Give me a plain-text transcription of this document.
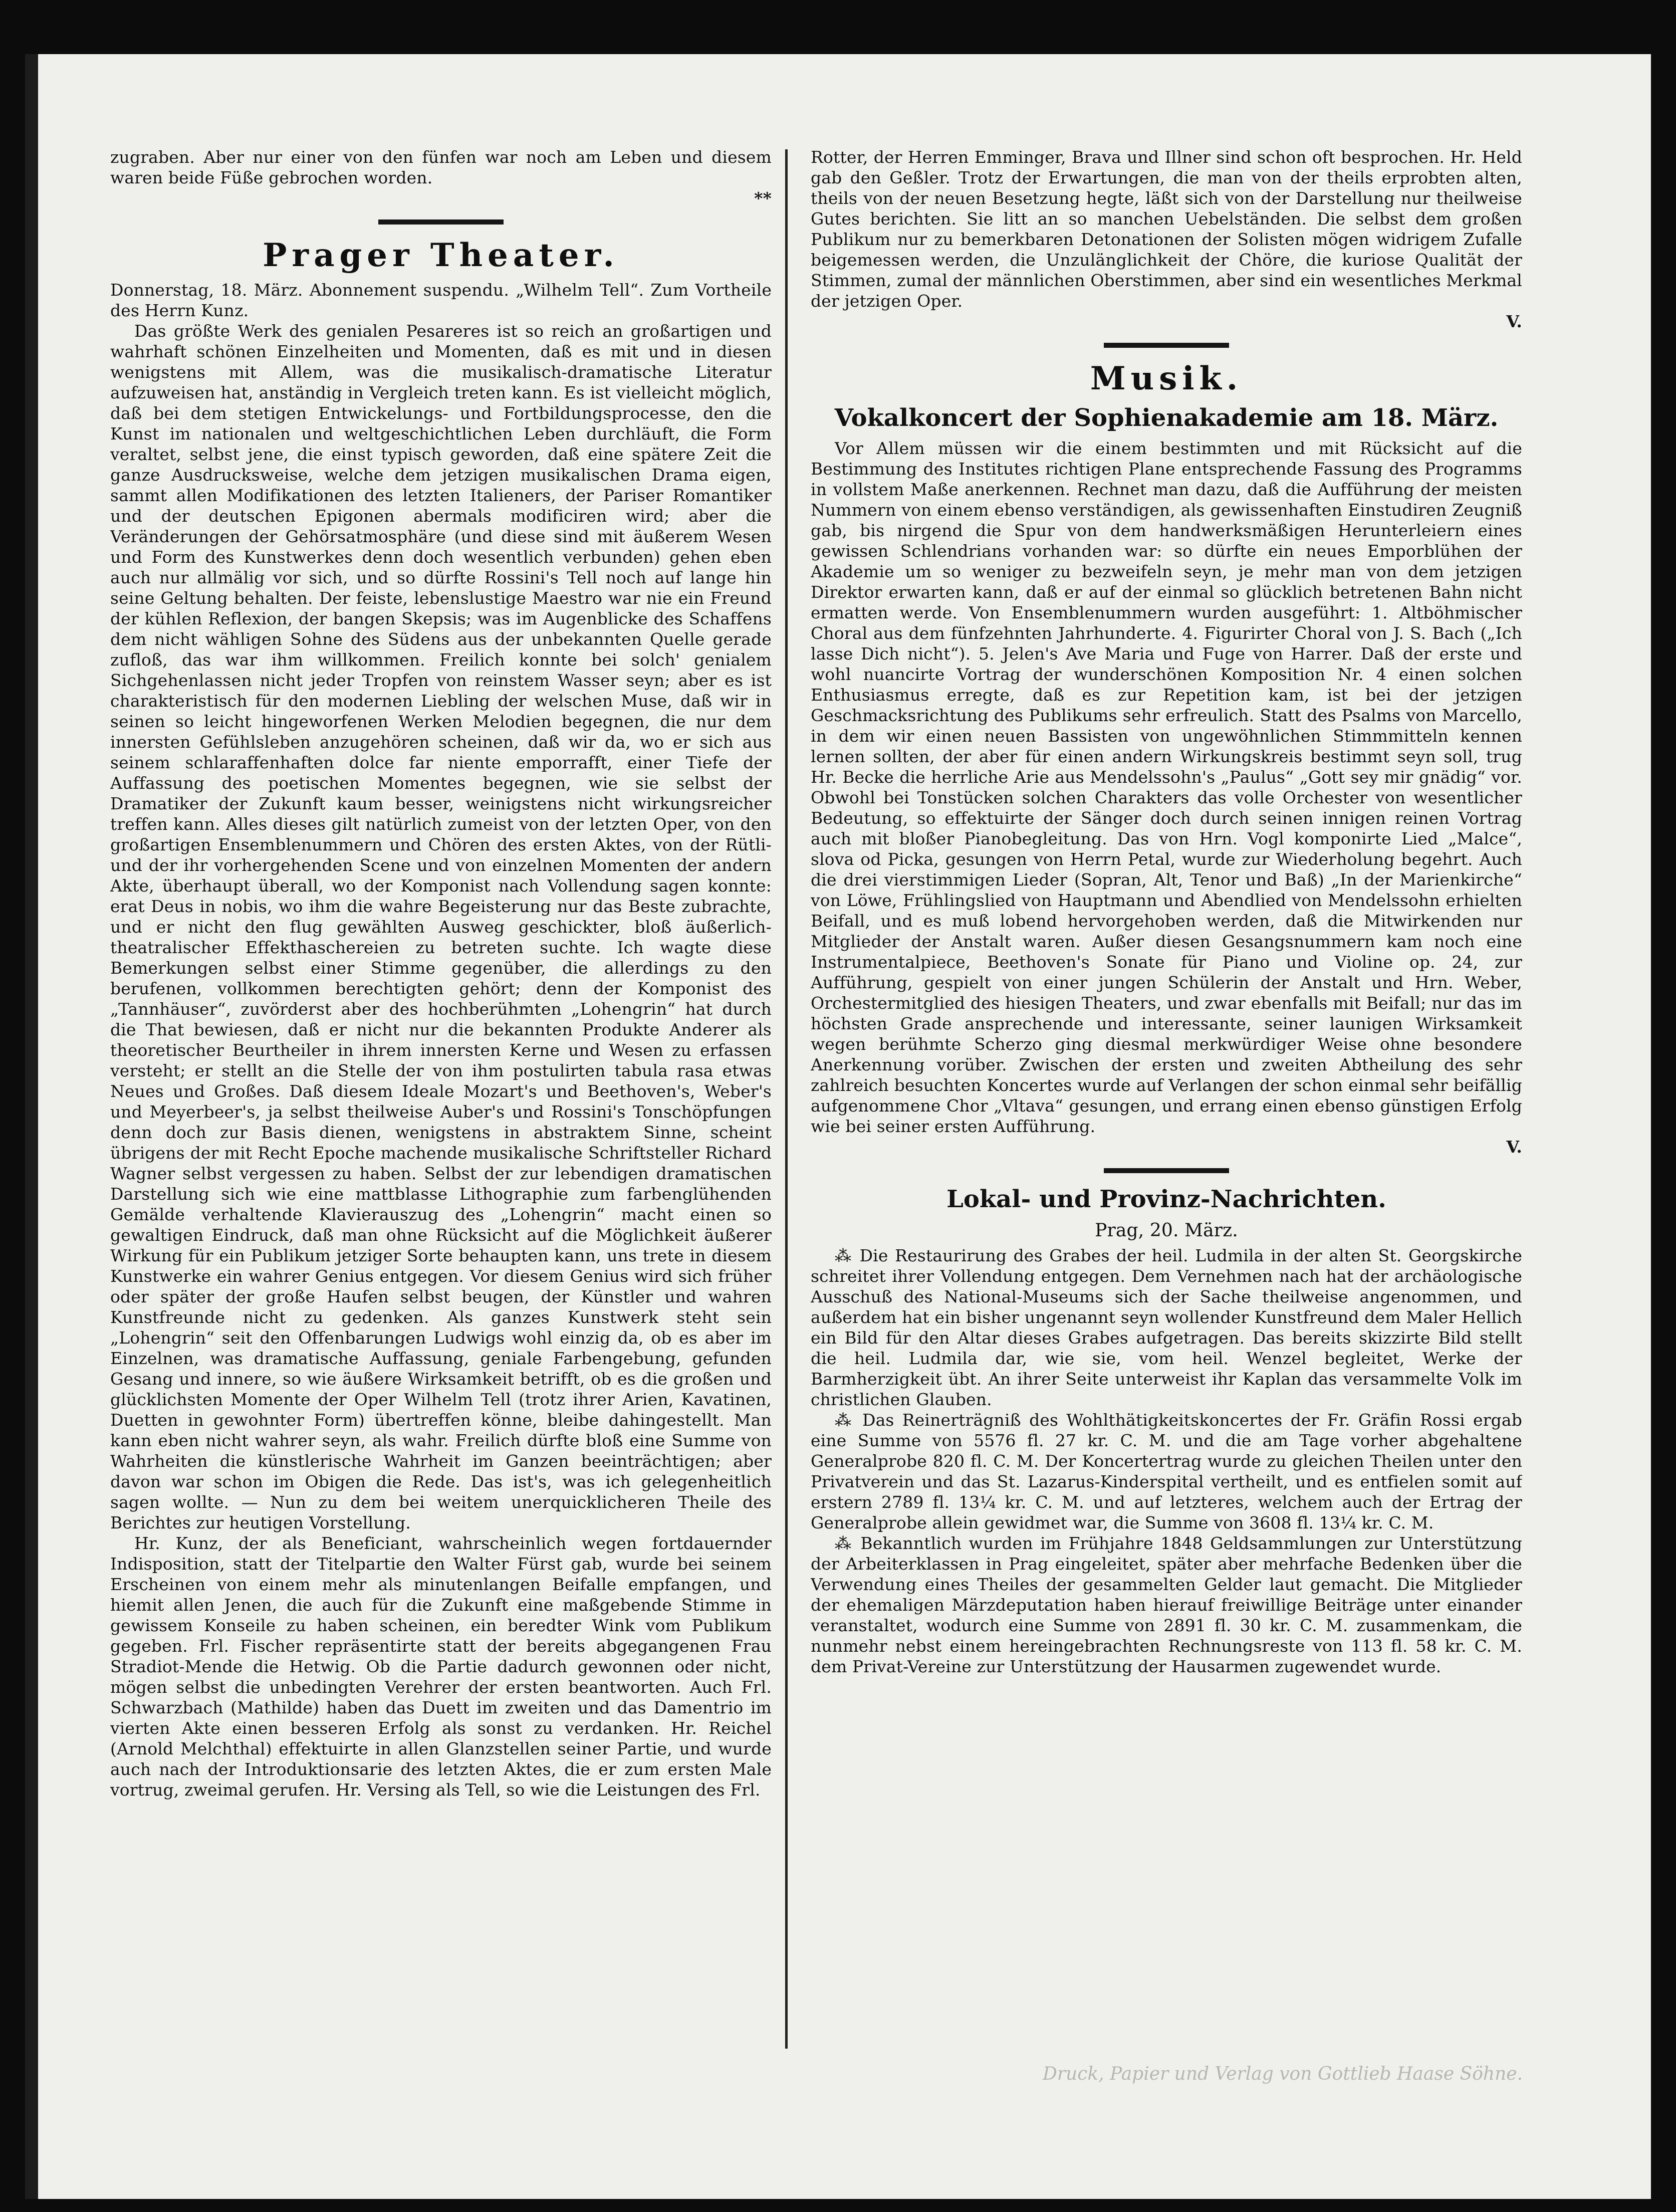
zugraben. Aber nur einer von den fünfen war noch am Leben und diesem waren beide Füße gebrochen worden.

**

Prager Theater.

Donnerstag, 18. März. Abonnement suspendu. „Wilhelm Tell“. Zum Vortheile des Herrn Kunz.

Das größte Werk des genialen Pesareres ist so reich an großartigen und wahrhaft schönen Einzelheiten und Momenten, daß es mit und in diesen wenigstens mit Allem, was die musikalisch-dramatische Literatur aufzuweisen hat, anständig in Vergleich treten kann. Es ist vielleicht möglich, daß bei dem stetigen Entwickelungs- und Fortbildungsprocesse, den die Kunst im nationalen und weltgeschichtlichen Leben durchläuft, die Form veraltet, selbst jene, die einst typisch geworden, daß eine spätere Zeit die ganze Ausdrucksweise, welche dem jetzigen musikalischen Drama eigen, sammt allen Modifikationen des letzten Italieners, der Pariser Romantiker und der deutschen Epigonen abermals modificiren wird; aber die Veränderungen der Gehörsatmosphäre (und diese sind mit äußerem Wesen und Form des Kunstwerkes denn doch wesentlich verbunden) gehen eben auch nur allmälig vor sich, und so dürfte Rossini's Tell noch auf lange hin seine Geltung behalten. Der feiste, lebenslustige Maestro war nie ein Freund der kühlen Reflexion, der bangen Skepsis; was im Augenblicke des Schaffens dem nicht wähligen Sohne des Südens aus der unbekannten Quelle gerade zufloß, das war ihm willkommen. Freilich konnte bei solch' genialem Sichgehenlassen nicht jeder Tropfen von reinstem Wasser seyn; aber es ist charakteristisch für den modernen Liebling der welschen Muse, daß wir in seinen so leicht hingeworfenen Werken Melodien begegnen, die nur dem innersten Gefühlsleben anzugehören scheinen, daß wir da, wo er sich aus seinem schlaraffenhaften dolce far niente emporrafft, einer Tiefe der Auffassung des poetischen Momentes begegnen, wie sie selbst der Dramatiker der Zukunft kaum besser, weinigstens nicht wirkungsreicher treffen kann. Alles dieses gilt natürlich zumeist von der letzten Oper, von den großartigen Ensemblenummern und Chören des ersten Aktes, von der Rütli- und der ihr vorhergehenden Scene und von einzelnen Momenten der andern Akte, überhaupt überall, wo der Komponist nach Vollendung sagen konnte: erat Deus in nobis, wo ihm die wahre Begeisterung nur das Beste zubrachte, und er nicht den flug gewählten Ausweg geschickter, bloß äußerlich-theatralischer Effekthaschereien zu betreten suchte. Ich wagte diese Bemerkungen selbst einer Stimme gegenüber, die allerdings zu den berufenen, vollkommen berechtigten gehört; denn der Komponist des „Tannhäuser“, zuvörderst aber des hochberühmten „Lohengrin“ hat durch die That bewiesen, daß er nicht nur die bekannten Produkte Anderer als theoretischer Beurtheiler in ihrem innersten Kerne und Wesen zu erfassen versteht; er stellt an die Stelle der von ihm postulirten tabula rasa etwas Neues und Großes. Daß diesem Ideale Mozart's und Beethoven's, Weber's und Meyerbeer's, ja selbst theilweise Auber's und Rossini's Tonschöpfungen denn doch zur Basis dienen, wenigstens in abstraktem Sinne, scheint übrigens der mit Recht Epoche machende musikalische Schriftsteller Richard Wagner selbst vergessen zu haben. Selbst der zur lebendigen dramatischen Darstellung sich wie eine mattblasse Lithographie zum farbenglühenden Gemälde verhaltende Klavierauszug des „Lohengrin“ macht einen so gewaltigen Eindruck, daß man ohne Rücksicht auf die Möglichkeit äußerer Wirkung für ein Publikum jetziger Sorte behaupten kann, uns trete in diesem Kunstwerke ein wahrer Genius entgegen. Vor diesem Genius wird sich früher oder später der große Haufen selbst beugen, der Künstler und wahren Kunstfreunde nicht zu gedenken. Als ganzes Kunstwerk steht sein „Lohengrin“ seit den Offenbarungen Ludwigs wohl einzig da, ob es aber im Einzelnen, was dramatische Auffassung, geniale Farbengebung, gefunden Gesang und innere, so wie äußere Wirksamkeit betrifft, ob es die großen und glücklichsten Momente der Oper Wilhelm Tell (trotz ihrer Arien, Kavatinen, Duetten in gewohnter Form) übertreffen könne, bleibe dahingestellt. Man kann eben nicht wahrer seyn, als wahr. Freilich dürfte bloß eine Summe von Wahrheiten die künstlerische Wahrheit im Ganzen beeinträchtigen; aber davon war schon im Obigen die Rede. Das ist's, was ich gelegenheitlich sagen wollte. — Nun zu dem bei weitem unerquicklicheren Theile des Berichtes zur heutigen Vorstellung.

Hr. Kunz, der als Beneficiant, wahrscheinlich wegen fortdauernder Indisposition, statt der Titelpartie den Walter Fürst gab, wurde bei seinem Erscheinen von einem mehr als minutenlangen Beifalle empfangen, und hiemit allen Jenen, die auch für die Zukunft eine maßgebende Stimme in gewissem Konseile zu haben scheinen, ein beredter Wink vom Publikum gegeben. Frl. Fischer repräsentirte statt der bereits abgegangenen Frau Stradiot-Mende die Hetwig. Ob die Partie dadurch gewonnen oder nicht, mögen selbst die unbedingten Verehrer der ersten beantworten. Auch Frl. Schwarzbach (Mathilde) haben das Duett im zweiten und das Damentrio im vierten Akte einen besseren Erfolg als sonst zu verdanken. Hr. Reichel (Arnold Melchthal) effektuirte in allen Glanzstellen seiner Partie, und wurde auch nach der Introduktionsarie des letzten Aktes, die er zum ersten Male vortrug, zweimal gerufen. Hr. Versing als Tell, so wie die Leistungen des Frl.

Rotter, der Herren Emminger, Brava und Illner sind schon oft besprochen. Hr. Held gab den Geßler. Trotz der Erwartungen, die man von der theils erprobten alten, theils von der neuen Besetzung hegte, läßt sich von der Darstellung nur theilweise Gutes berichten. Sie litt an so manchen Uebelständen. Die selbst dem großen Publikum nur zu bemerkbaren Detonationen der Solisten mögen widrigem Zufalle beigemessen werden, die Unzulänglichkeit der Chöre, die kuriose Qualität der Stimmen, zumal der männlichen Oberstimmen, aber sind ein wesentliches Merkmal der jetzigen Oper.

V.

Musik.
Vokalkoncert der Sophienakademie am 18. März.

Vor Allem müssen wir die einem bestimmten und mit Rücksicht auf die Bestimmung des Institutes richtigen Plane entsprechende Fassung des Programms in vollstem Maße anerkennen. Rechnet man dazu, daß die Aufführung der meisten Nummern von einem ebenso verständigen, als gewissenhaften Einstudiren Zeugniß gab, bis nirgend die Spur von dem handwerksmäßigen Herunterleiern eines gewissen Schlendrians vorhanden war: so dürfte ein neues Emporblühen der Akademie um so weniger zu bezweifeln seyn, je mehr man von dem jetzigen Direktor erwarten kann, daß er auf der einmal so glücklich betretenen Bahn nicht ermatten werde. Von Ensemblenummern wurden ausgeführt: 1. Altböhmischer Choral aus dem fünfzehnten Jahrhunderte. 4. Figurirter Choral von J. S. Bach („Ich lasse Dich nicht“). 5. Jelen's Ave Maria und Fuge von Harrer. Daß der erste und wohl nuancirte Vortrag der wunderschönen Komposition Nr. 4 einen solchen Enthusiasmus erregte, daß es zur Repetition kam, ist bei der jetzigen Geschmacksrichtung des Publikums sehr erfreulich. Statt des Psalms von Marcello, in dem wir einen neuen Bassisten von ungewöhnlichen Stimmmitteln kennen lernen sollten, der aber für einen andern Wirkungskreis bestimmt seyn soll, trug Hr. Becke die herrliche Arie aus Mendelssohn's „Paulus“ „Gott sey mir gnädig“ vor. Obwohl bei Tonstücken solchen Charakters das volle Orchester von wesentlicher Bedeutung, so effektuirte der Sänger doch durch seinen innigen reinen Vortrag auch mit bloßer Pianobegleitung. Das von Hrn. Vogl komponirte Lied „Malce“, slova od Picka, gesungen von Herrn Petal, wurde zur Wiederholung begehrt. Auch die drei vierstimmigen Lieder (Sopran, Alt, Tenor und Baß) „In der Marienkirche“ von Löwe, Frühlingslied von Hauptmann und Abendlied von Mendelssohn erhielten Beifall, und es muß lobend hervorgehoben werden, daß die Mitwirkenden nur Mitglieder der Anstalt waren. Außer diesen Gesangsnummern kam noch eine Instrumentalpiece, Beethoven's Sonate für Piano und Violine op. 24, zur Aufführung, gespielt von einer jungen Schülerin der Anstalt und Hrn. Weber, Orchestermitglied des hiesigen Theaters, und zwar ebenfalls mit Beifall; nur das im höchsten Grade ansprechende und interessante, seiner launigen Wirksamkeit wegen berühmte Scherzo ging diesmal merkwürdiger Weise ohne besondere Anerkennung vorüber. Zwischen der ersten und zweiten Abtheilung des sehr zahlreich besuchten Koncertes wurde auf Verlangen der schon einmal sehr beifällig aufgenommene Chor „Vltava“ gesungen, und errang einen ebenso günstigen Erfolg wie bei seiner ersten Aufführung.

V.

Lokal- und Provinz-Nachrichten.

Prag, 20. März.

⁂ Die Restaurirung des Grabes der heil. Ludmila in der alten St. Georgskirche schreitet ihrer Vollendung entgegen. Dem Vernehmen nach hat der archäologische Ausschuß des National-Museums sich der Sache theilweise angenommen, und außerdem hat ein bisher ungenannt seyn wollender Kunstfreund dem Maler Hellich ein Bild für den Altar dieses Grabes aufgetragen. Das bereits skizzirte Bild stellt die heil. Ludmila dar, wie sie, vom heil. Wenzel begleitet, Werke der Barmherzigkeit übt. An ihrer Seite unterweist ihr Kaplan das versammelte Volk im christlichen Glauben.

⁂ Das Reinerträgniß des Wohlthätigkeitskoncertes der Fr. Gräfin Rossi ergab eine Summe von 5576 fl. 27 kr. C. M. und die am Tage vorher abgehaltene Generalprobe 820 fl. C. M. Der Koncertertrag wurde zu gleichen Theilen unter den Privatverein und das St. Lazarus-Kinderspital vertheilt, und es entfielen somit auf erstern 2789 fl. 13¼ kr. C. M. und auf letzteres, welchem auch der Ertrag der Generalprobe allein gewidmet war, die Summe von 3608 fl. 13¼ kr. C. M.

⁂ Bekanntlich wurden im Frühjahre 1848 Geldsammlungen zur Unterstützung der Arbeiterklassen in Prag eingeleitet, später aber mehrfache Bedenken über die Verwendung eines Theiles der gesammelten Gelder laut gemacht. Die Mitglieder der ehemaligen Märzdeputation haben hierauf freiwillige Beiträge unter einander veranstaltet, wodurch eine Summe von 2891 fl. 30 kr. C. M. zusammenkam, die nunmehr nebst einem hereingebrachten Rechnungsreste von 113 fl. 58 kr. C. M. dem Privat-Vereine zur Unterstützung der Hausarmen zugewendet wurde.

Druck, Papier und Verlag von Gottlieb Haase Söhne.
